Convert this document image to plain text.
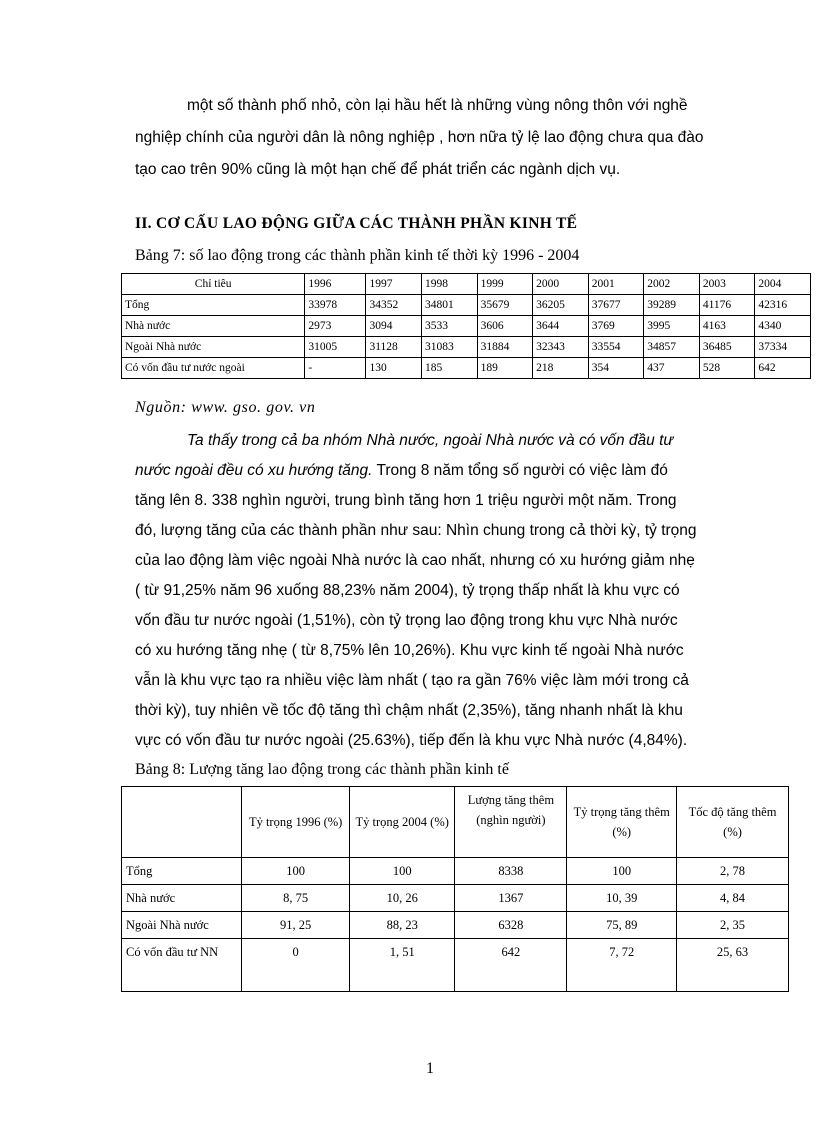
một số thành phố nhỏ, còn lại hầu hết là những vùng nông thôn với nghề
nghiệp chính của người dân là nông nghiệp , hơn nữa tỷ lệ lao động chưa qua đào
tạo cao trên 90% cũng là một hạn chế để phát triển các ngành dịch vụ.
II. CƠ CẤU LAO ĐỘNG GIỮA CÁC THÀNH PHẦN KINH TẾ
Bảng 7: số lao động trong các thành phần kinh tế thời kỳ 1996 - 2004
Chỉ tiêu	1996	1997	1998	1999	2000	2001	2002	2003	2004
Tổng	33978	34352	34801	35679	36205	37677	39289	41176	42316
Nhà nước	2973	3094	3533	3606	3644	3769	3995	4163	4340
Ngoài Nhà nước	31005	31128	31083	31884	32343	33554	34857	36485	37334
Có vốn đầu tư nước ngoài	-	130	185	189	218	354	437	528	642
Nguồn: www. gso. gov. vn
Ta thấy trong cả ba nhóm Nhà nước, ngoài Nhà nước và có vốn đầu tư
nước ngoài đều có xu hướng tăng. Trong 8 năm tổng số người có việc làm đó
tăng lên 8. 338 nghìn người, trung bình tăng hơn 1 triệu người một năm. Trong
đó, lượng tăng của các thành phần như sau: Nhìn chung trong cả thời kỳ, tỷ trọng
của lao động làm việc ngoài Nhà nước là cao nhất, nhưng có xu hướng giảm nhẹ
( từ 91,25% năm 96 xuống 88,23% năm 2004), tỷ trọng thấp nhất là khu vực có
vốn đầu tư nước ngoài (1,51%), còn tỷ trọng lao động trong khu vực Nhà nước
có xu hướng tăng nhẹ ( từ 8,75% lên 10,26%). Khu vực kinh tế ngoài Nhà nước
vẫn là khu vực tạo ra nhiều việc làm nhất ( tạo ra gần 76% việc làm mới trong cả
thời kỳ), tuy nhiên về tốc độ tăng thì chậm nhất (2,35%), tăng nhanh nhất là khu
vực có vốn đầu tư nước ngoài (25.63%), tiếp đến là khu vực Nhà nước (4,84%).
Bảng 8: Lượng tăng lao động trong các thành phần kinh tế
	Tỷ trọng 1996 (%)	Tỷ trọng 2004 (%)	Lượng tăng thêm (nghìn người)	Tỷ trọng tăng thêm (%)	Tốc độ tăng thêm (%)
Tổng	100	100	8338	100	2, 78
Nhà nước	8, 75	10, 26	1367	10, 39	4, 84
Ngoài Nhà nước	91, 25	88, 23	6328	75, 89	2, 35
Có vốn đầu tư NN	0	1, 51	642	7, 72	25, 63
1
